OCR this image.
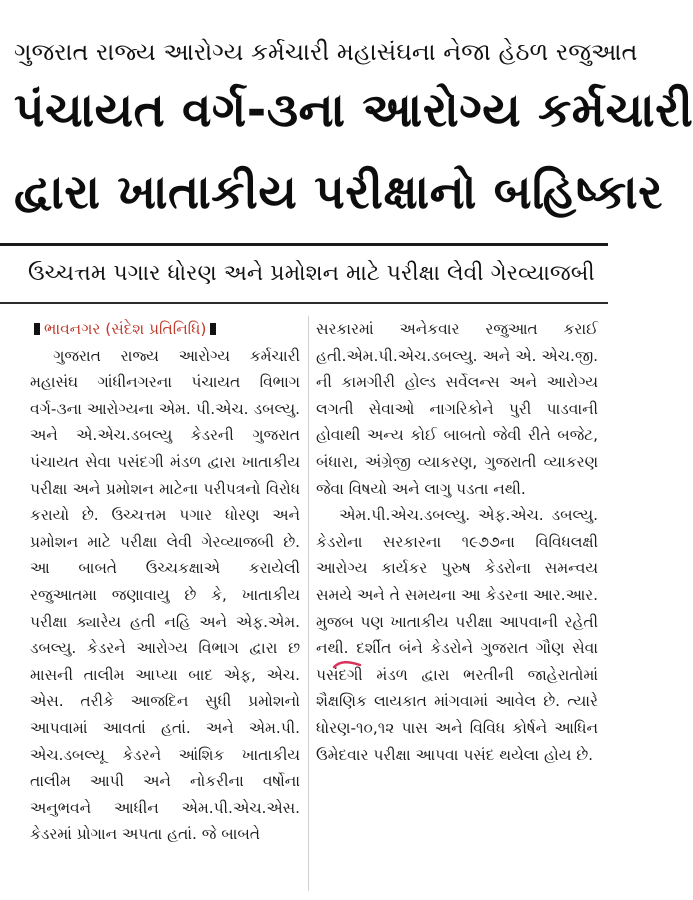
ગુજરાત રાજ્ય આરોગ્ય કર્મચારી મહાસંઘના નેજા હેઠળ રજુઆત
પંચાયત વર્ગ-૩ના આરોગ્ય કર્મચારી
દ્વારા ખાતાકીય પરીક્ષાનો બહિષ્કાર
ઉચ્ચત્તમ પગાર ધોરણ અને પ્રમોશન માટે પરીક્ષા લેવી ગેરવ્યાજબી

ભાવનગર (સંદેશ પ્રતિનિધિ)

ગુજરાત રાજ્ય આરોગ્ય કર્મચારી મહાસંઘ ગાંધીનગરના પંચાયત વિભાગ વર્ગ-૩ના આરોગ્યના એમ. પી.એચ. ડબલ્યુ. અને એ.એચ.ડબલ્યુ કેડરની ગુજરાત પંચાયત સેવા પસંદગી મંડળ દ્વારા ખાતાકીય પરીક્ષા અને પ્રમોશન માટેના પરીપત્રનો વિરોધ કરાયો છે. ઉચ્ચત્તમ પગાર ધોરણ અને પ્રમોશન માટે પરીક્ષા લેવી ગેરવ્યાજબી છે. આ બાબતે ઉચ્ચકક્ષાએ કરાયેલી રજુઆતમા જણાવાયુ છે કે, ખાતાકીય પરીક્ષા ક્યારેય હતી નહિ અને એફ.એમ. ડબલ્યુ. કેડરને આરોગ્ય વિભાગ દ્વારા છ માસની તાલીમ આપ્યા બાદ એફ, એચ. એસ. તરીકે આજદિન સુધી પ્રમોશનો આપવામાં આવતાં હતાં. અને એમ.પી. એચ.ડબલ્યૂ કેડરને આંશિક ખાતાકીય તાલીમ આપી અને નોકરીના વર્ષોના અનુભવને આધીન એમ.પી.એચ.એસ. કેડરમાં પ્રોગાન અપતા હતાં. જે બાબતે

સરકારમાં અનેકવાર રજુઆત કરાઈ હતી.એમ.પી.એચ.ડબલ્યુ. અને એ. એચ.જી. ની કામગીરી હોલ્ડ સર્વેલન્સ અને આરોગ્ય લગતી સેવાઓ નાગરિકોને પુરી પાડવાની હોવાથી અન્ય કોઈ બાબતો જેવી રીતે બજેટ, બંધારા, અંગ્રેજી વ્યાકરણ, ગુજરાતી વ્યાકરણ જેવા વિષયો અને લાગુ પડતા નથી.

એમ.પી.એચ.ડબલ્યુ. એફ.એચ. ડબલ્યુ. કેડરોના સરકારના ૧૯૭૭ના વિવિધલક્ષી આરોગ્ય કાર્યકર પુરુષ કેડરોના સમન્વય સમયે અને તે સમયના આ કેડરના આર.આર. મુજબ પણ ખાતાકીય પરીક્ષા આપવાની રહેતી નથી. દર્શીત બંને કેડરોને ગુજરાત ગૌણ સેવા પસંદગી મંડળ દ્વારા ભરતીની જાહેરાતોમાં શૈક્ષણિક લાયકાત માંગવામાં આવેલ છે. ત્યારે ધોરણ-૧૦,૧૨ પાસ અને વિવિધ કોર્ષને આધિન ઉમેદવાર પરીક્ષા આપવા પસંદ થયેલા હોય છે.
